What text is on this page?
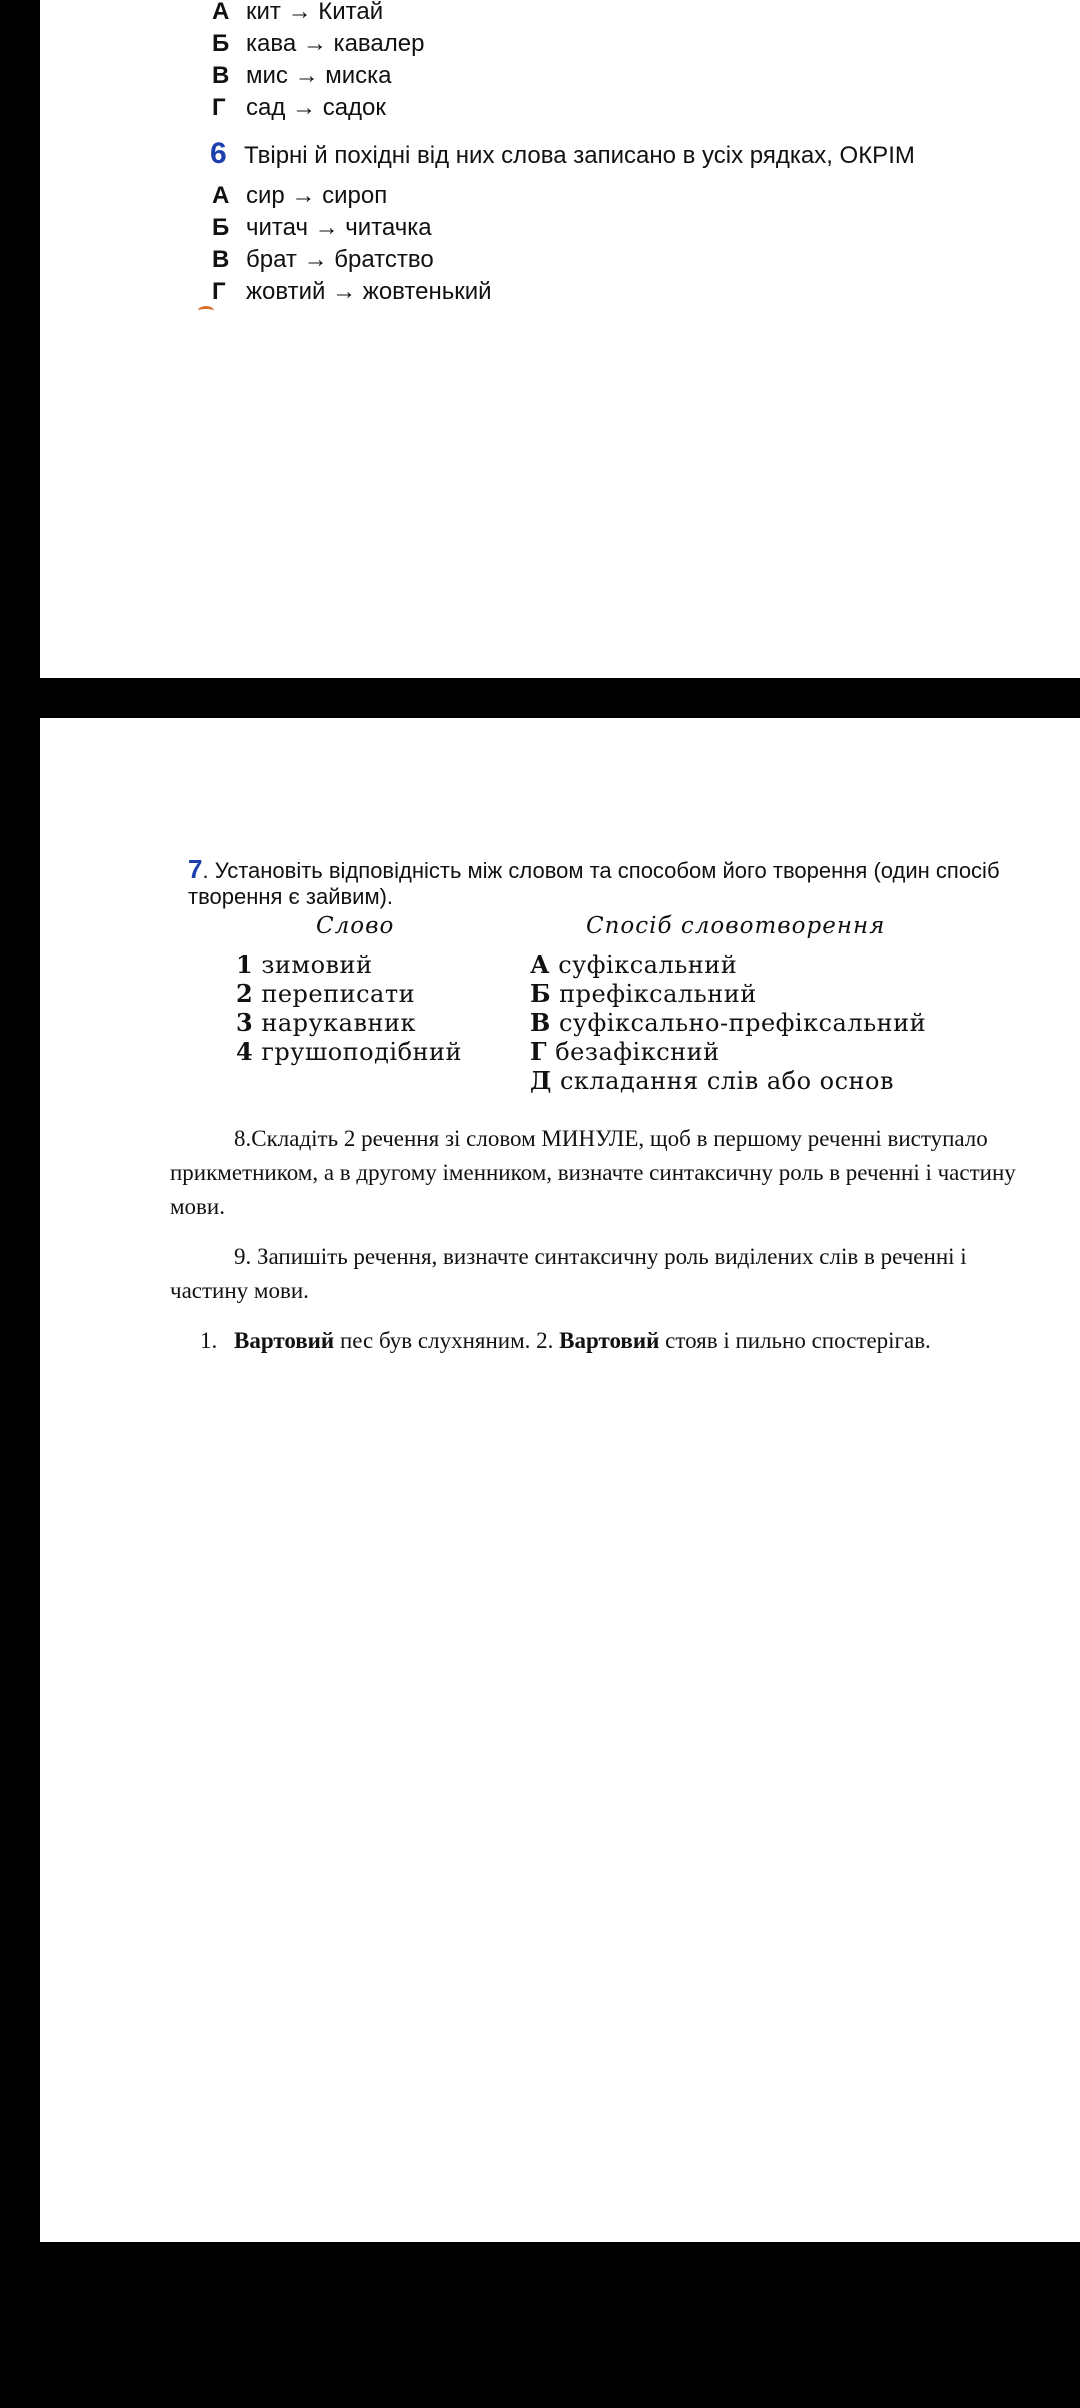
А кит → Китай
Б кава → кавалер
В мис → миска
Г сад → садок
6 Твірні й похідні від них слова записано в усіх рядках, ОКРІМ
А сир → сироп
Б читач → читачка
В брат → братство
Г жовтий → жовтенький
7. Установіть відповідність між словом та способом його творення (один спосіб творення є зайвим).
Слово	Спосіб словотворення
1 зимовий
2 переписати
3 нарукавник
4 грушоподібний
А суфіксальний
Б префіксальний
В суфіксально-префіксальний
Г безафіксний
Д складання слів або основ
8.Складіть 2 речення зі словом МИНУЛЕ, щоб в першому реченні виступало прикметником, а в другому іменником, визначте синтаксичну роль в реченні і частину мови.
9. Запишіть речення, визначте синтаксичну роль виділених слів в реченні і частину мови.
1. Вартовий пес був слухняним. 2. Вартовий стояв і пильно спостерігав.
